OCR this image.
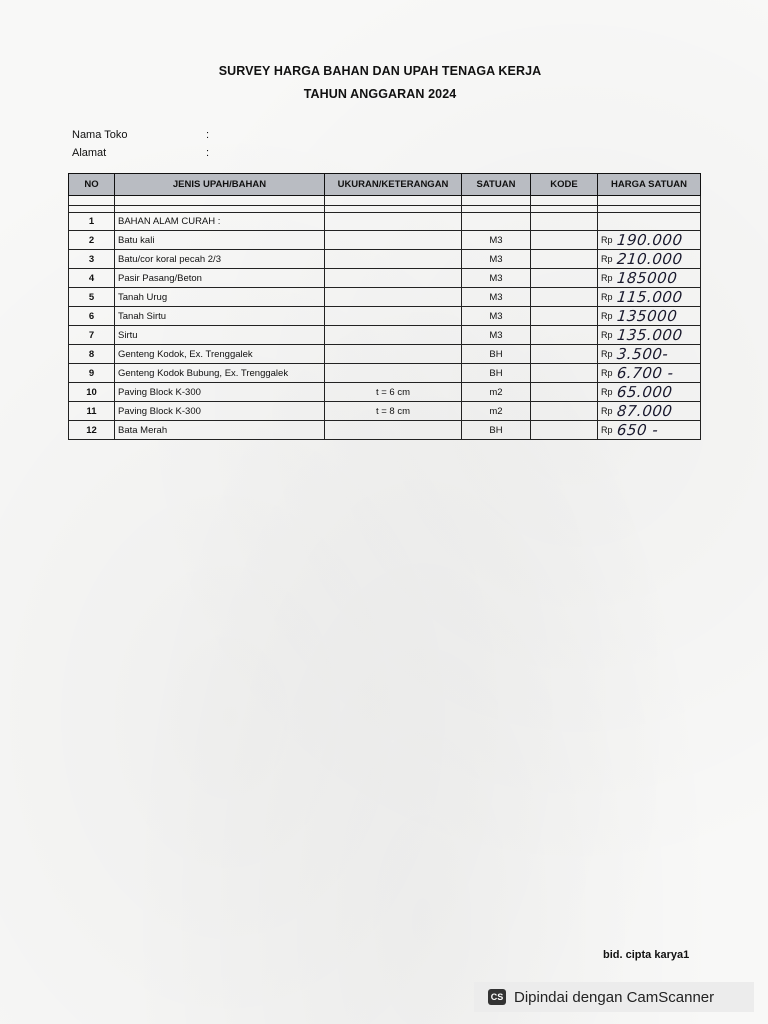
SURVEY HARGA BAHAN DAN UPAH TENAGA KERJA
TAHUN ANGGARAN 2024
Nama Toko	:
Alamat	:
NO	JENIS UPAH/BAHAN	UKURAN/KETERANGAN	SATUAN	KODE	HARGA SATUAN

1	BAHAN ALAM CURAH :				
2	Batu kali		M3		Rp 190.000
3	Batu/cor koral pecah 2/3		M3		Rp 210.000
4	Pasir Pasang/Beton		M3		Rp 185000
5	Tanah Urug		M3		Rp 115.000
6	Tanah Sirtu		M3		Rp 135000
7	Sirtu		M3		Rp 135.000
8	Genteng Kodok, Ex. Trenggalek		BH		Rp 3.500-
9	Genteng Kodok Bubung, Ex. Trenggalek		BH		Rp 6.700 -
10	Paving Block K-300	t = 6 cm	m2		Rp 65.000
11	Paving Block K-300	t = 8 cm	m2		Rp 87.000
12	Bata Merah		BH		Rp 650 -
bid. cipta karya1
CS Dipindai dengan CamScanner
